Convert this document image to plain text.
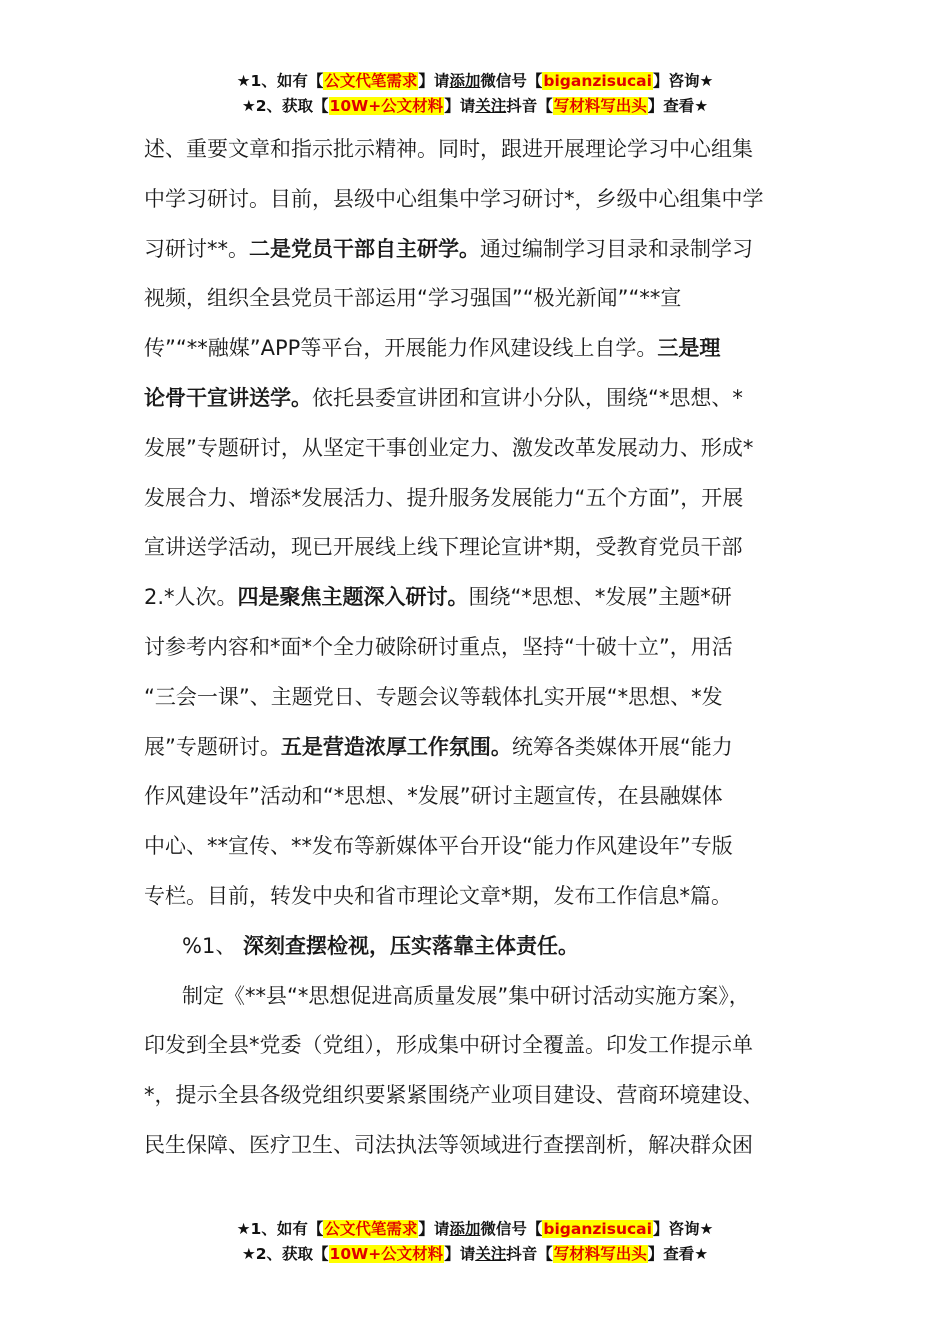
★1、如有【公文代笔需求】请添加微信号【biganzisucai】咨询★
★2、获取【10W+公文材料】请关注抖音【写材料写出头】查看★

述、重要文章和指示批示精神。同时，跟进开展理论学习中心组集
中学习研讨。目前，县级中心组集中学习研讨*，乡级中心组集中学
习研讨**。二是党员干部自主研学。通过编制学习目录和录制学习
视频，组织全县党员干部运用“学习强国”“极光新闻”“**宣
传”“**融媒”APP等平台，开展能力作风建设线上自学。三是理
论骨干宣讲送学。依托县委宣讲团和宣讲小分队，围绕“*思想、*
发展”专题研讨，从坚定干事创业定力、激发改革发展动力、形成*
发展合力、增添*发展活力、提升服务发展能力“五个方面”，开展
宣讲送学活动，现已开展线上线下理论宣讲*期，受教育党员干部
2.*人次。四是聚焦主题深入研讨。围绕“*思想、*发展”主题*研
讨参考内容和*面*个全力破除研讨重点，坚持“十破十立”，用活
“三会一课”、主题党日、专题会议等载体扎实开展“*思想、*发
展”专题研讨。五是营造浓厚工作氛围。统筹各类媒体开展“能力
作风建设年”活动和“*思想、*发展”研讨主题宣传，在县融媒体
中心、**宣传、**发布等新媒体平台开设“能力作风建设年”专版
专栏。目前，转发中央和省市理论文章*期，发布工作信息*篇。

%1、 深刻查摆检视，压实落靠主体责任。

制定《**县“*思想促进高质量发展”集中研讨活动实施方案》，
印发到全县*党委（党组），形成集中研讨全覆盖。印发工作提示单
*，提示全县各级党组织要紧紧围绕产业项目建设、营商环境建设、
民生保障、医疗卫生、司法执法等领域进行查摆剖析，解决群众困

★1、如有【公文代笔需求】请添加微信号【biganzisucai】咨询★
★2、获取【10W+公文材料】请关注抖音【写材料写出头】查看★
